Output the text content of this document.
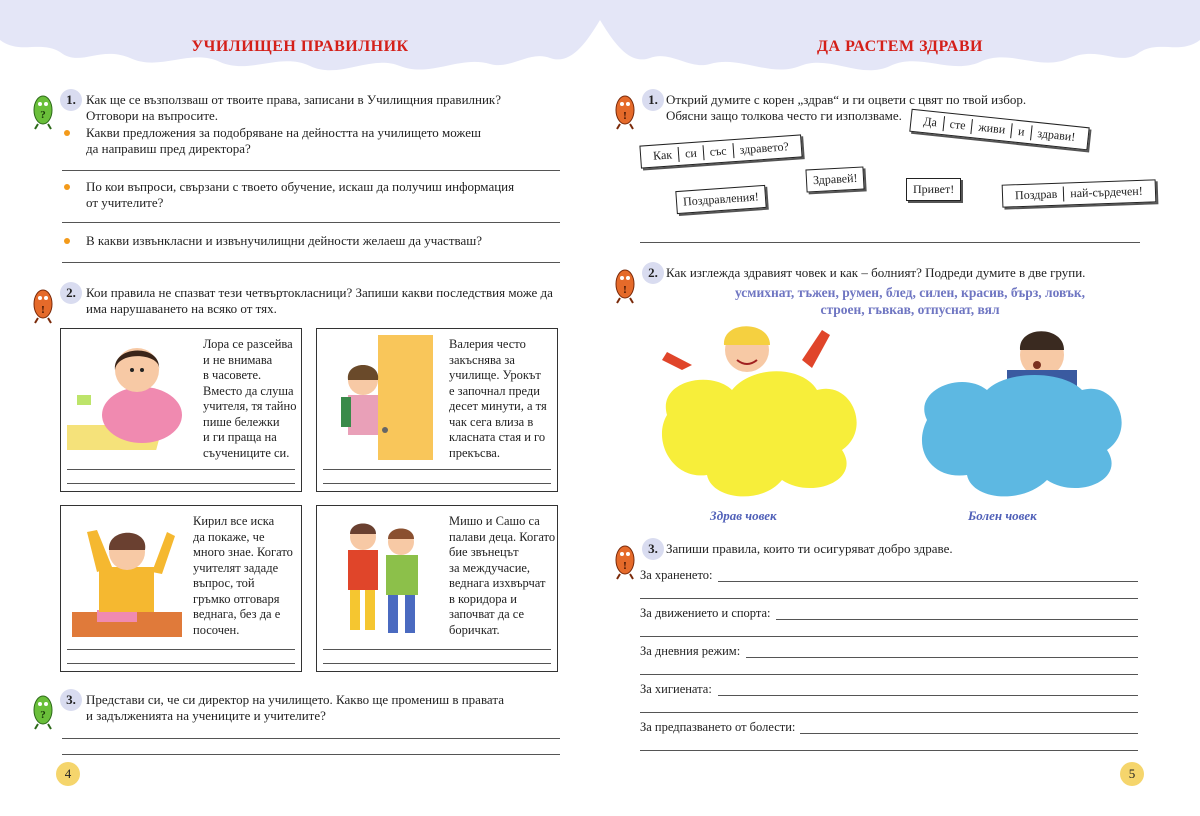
УЧИЛИЩЕН ПРАВИЛНИК
?
1. Как ще се възползваш от твоите права, записани в Училищния правилник?
Отговори на въпросите.
Какви предложения за подобряване на дейността на училището можеш
да направиш пред директора?
По кои въпроси, свързани с твоето обучение, искаш да получиш информация
от учителите?
В какви извънкласни и извънучилищни дейности желаеш да участваш?
!
2. Кои правила не спазват тези четвъртокласници? Запиши какви последствия може да
има нарушаването на всяко от тях.
Лора се разсейва
и не внимава
в часовете.
Вместо да слуша
учителя, тя тайно
пише бележки
и ги праща на
съучениците си.
Валерия често
закъснява за
училище. Урокът
е започнал преди
десет минути, а тя
чак сега влиза в
класната стая и го
прекъсва.
Кирил все иска
да покаже, че
много знае. Когато
учителят зададе
въпрос, той
гръмко отговаря
веднага, без да е
посочен.
Мишо и Сашо са
палави деца. Когато
бие звънецът
за междучасие,
веднага изхвърчат
в коридора и
започват да се
боричкат.
?
3. Представи си, че си директор на училището. Какво ще промениш в правата
и задълженията на учениците и учителите?
4
ДА РАСТЕМ ЗДРАВИ
!
1. Открий думите с корен „здрав“ и ги оцвети с цвят по твой избор.
Обясни защо толкова често ги използваме.
Как си със здравето?
Да сте живи и здрави!
Здравей!
Привет!
Поздравления!	Поздрав най-сърдечен!
!
2. Как изглежда здравият човек и как – болният? Подреди думите в две групи.
усмихнат, тъжен, румен, блед, силен, красив, бърз, ловък,
строен, гъвкав, отпуснат, вял
Здрав човек	Болен човек
!
3. Запиши правила, които ти осигуряват добро здраве.
За храненето:
За движението и спорта:
За дневния режим:
За хигиената:
За предпазването от болести:
5
